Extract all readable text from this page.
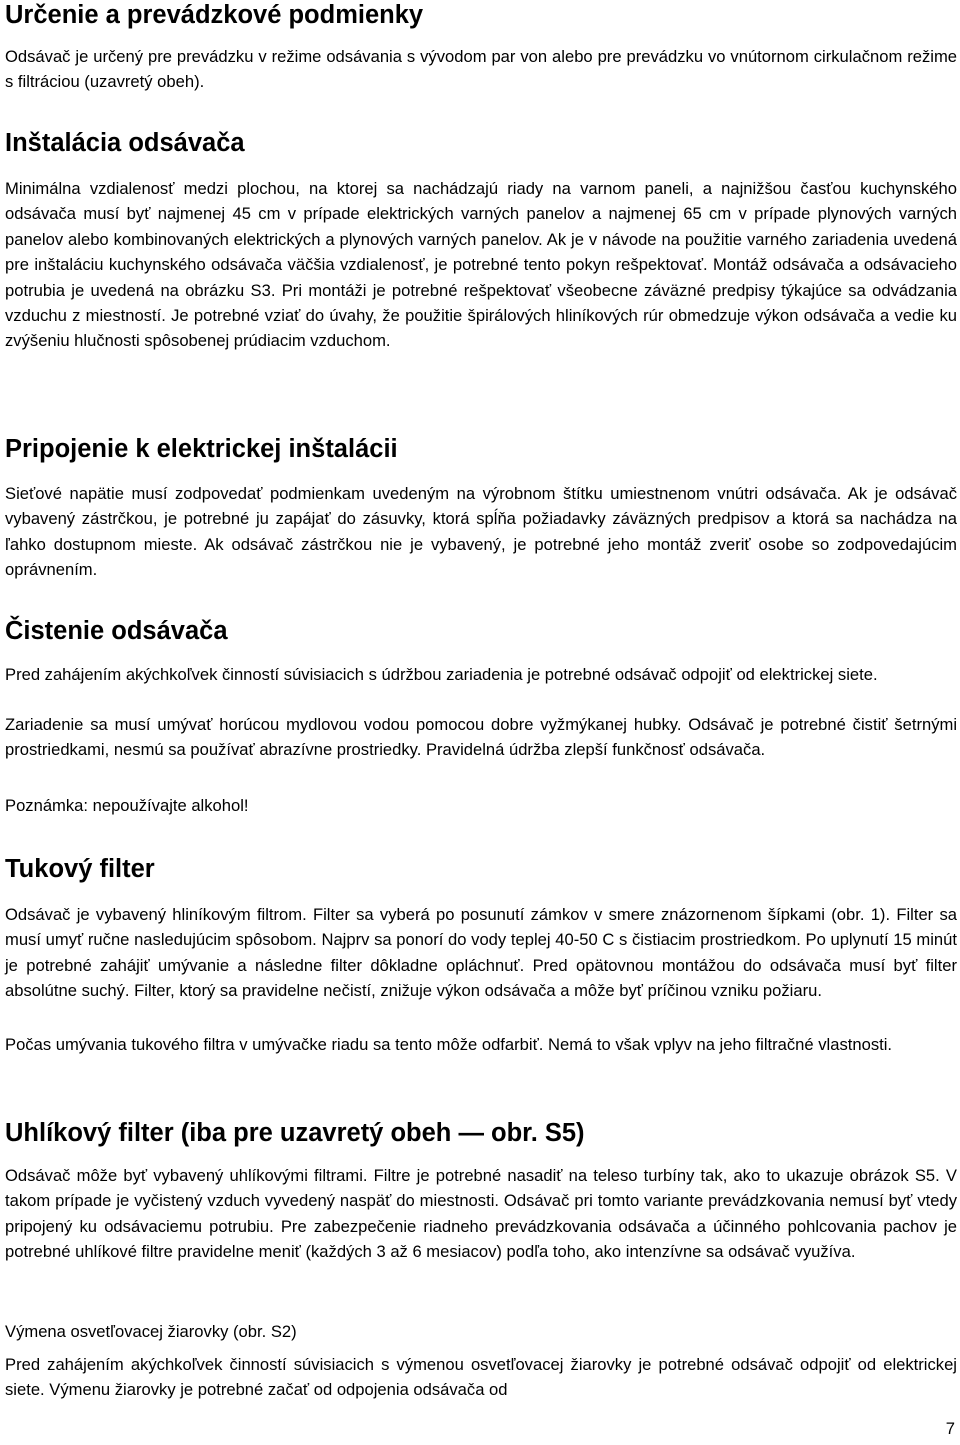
Určenie a prevádzkové podmienky

Odsávač je určený pre prevádzku v režime odsávania s vývodom par von alebo pre prevádzku vo vnútornom cirkulačnom režime s filtráciou (uzavretý obeh).

Inštalácia odsávača

Minimálna vzdialenosť medzi plochou, na ktorej sa nachádzajú riady na varnom paneli, a najnižšou časťou kuchynského odsávača musí byť najmenej 45 cm v prípade elektrických varných panelov a najmenej 65 cm v prípade plynových varných panelov alebo kombinovaných elektrických a plynových varných panelov. Ak je v návode na použitie varného zariadenia uvedená pre inštaláciu kuchynského odsávača väčšia vzdialenosť, je potrebné tento pokyn rešpektovať. Montáž odsávača a odsávacieho potrubia je uvedená na obrázku S3. Pri montáži je potrebné rešpektovať všeobecne záväzné predpisy týkajúce sa odvádzania vzduchu z miestností. Je potrebné vziať do úvahy, že použitie špirálových hliníkových rúr obmedzuje výkon odsávača a vedie ku zvýšeniu hlučnosti spôsobenej prúdiacim vzduchom.

Pripojenie k elektrickej inštalácii

Sieťové napätie musí zodpovedať podmienkam uvedeným na výrobnom štítku umiestnenom vnútri odsávača. Ak je odsávač vybavený zástrčkou, je potrebné ju zapájať do zásuvky, ktorá spĺňa požiadavky záväzných predpisov a ktorá sa nachádza na ľahko dostupnom mieste. Ak odsávač zástrčkou nie je vybavený, je potrebné jeho montáž zveriť osobe so zodpovedajúcim oprávnením.

Čistenie odsávača

Pred zahájením akýchkoľvek činností súvisiacich s údržbou zariadenia je potrebné odsávač odpojiť od elektrickej siete.

Zariadenie sa musí umývať horúcou mydlovou vodou pomocou dobre vyžmýkanej hubky. Odsávač je potrebné čistiť šetrnými prostriedkami, nesmú sa používať abrazívne prostriedky. Pravidelná údržba zlepší funkčnosť odsávača.

Poznámka: nepoužívajte alkohol!

Tukový filter

Odsávač je vybavený hliníkovým filtrom. Filter sa vyberá po posunutí zámkov v smere znázornenom šípkami (obr. 1). Filter sa musí umyť ručne nasledujúcim spôsobom. Najprv sa ponorí do vody teplej 40-50 C s čistiacim prostriedkom. Po uplynutí 15 minút je potrebné zahájiť umývanie a následne filter dôkladne opláchnuť. Pred opätovnou montážou do odsávača musí byť filter absolútne suchý. Filter, ktorý sa pravidelne nečistí, znižuje výkon odsávača a môže byť príčinou vzniku požiaru.

Počas umývania tukového filtra v umývačke riadu sa tento môže odfarbiť. Nemá to však vplyv na jeho filtračné vlastnosti.

Uhlíkový filter (iba pre uzavretý obeh — obr. S5)

Odsávač môže byť vybavený uhlíkovými filtrami. Filtre je potrebné nasadiť na teleso turbíny tak, ako to ukazuje obrázok S5. V takom prípade je vyčistený vzduch vyvedený naspäť do miestnosti. Odsávač pri tomto variante prevádzkovania nemusí byť vtedy pripojený ku odsávaciemu potrubiu. Pre zabezpečenie riadneho prevádzkovania odsávača a účinného pohlcovania pachov je potrebné uhlíkové filtre pravidelne meniť (každých 3 až 6 mesiacov) podľa toho, ako intenzívne sa odsávač využíva.

Výmena osvetľovacej žiarovky (obr. S2)

Pred zahájením akýchkoľvek činností súvisiacich s výmenou osvetľovacej žiarovky je potrebné odsávač odpojiť od elektrickej siete. Výmenu žiarovky je potrebné začať od odpojenia odsávača od

7
